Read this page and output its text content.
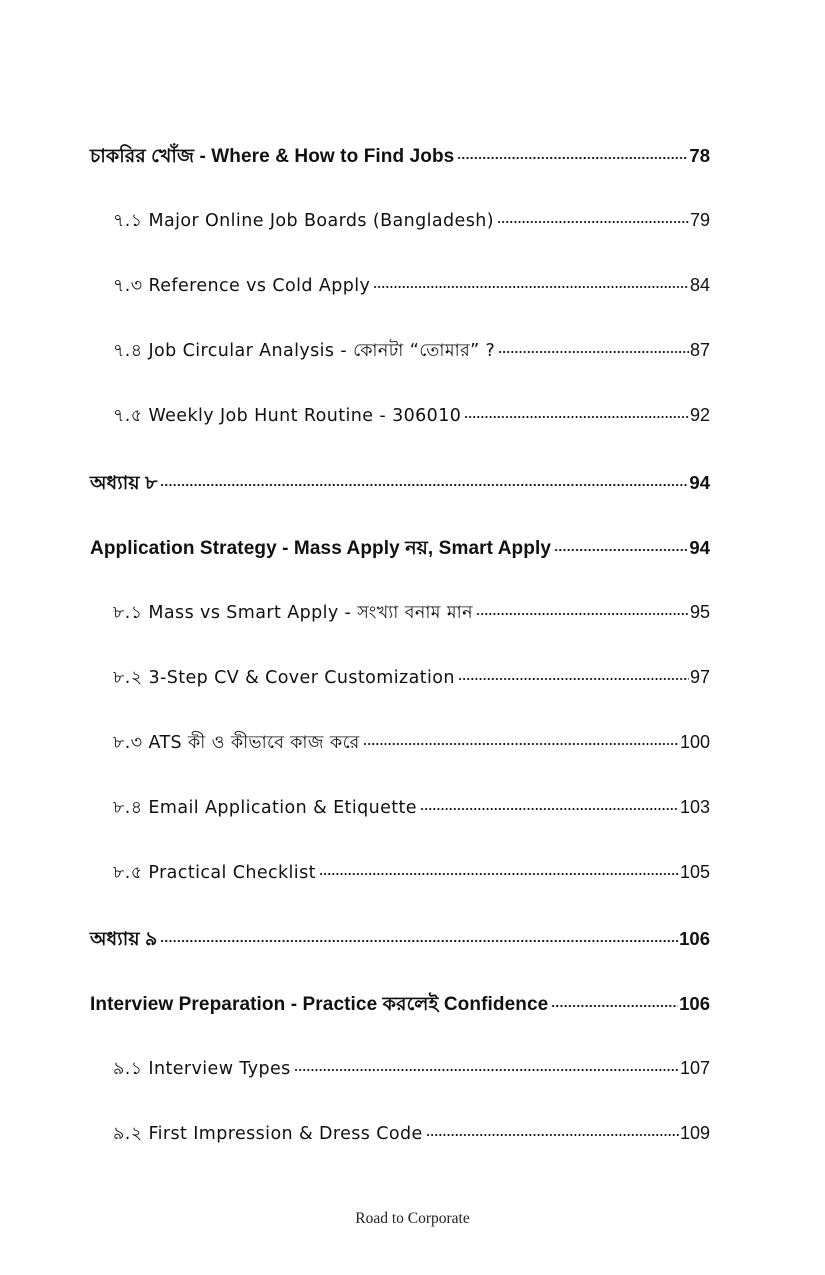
চাকরির খোঁজ - Where & How to Find Jobs	78
৭.১ Major Online Job Boards (Bangladesh)	79
৭.৩ Reference vs Cold Apply	84
৭.৪ Job Circular Analysis - কোনটা “তোমার” ?	87
৭.৫ Weekly Job Hunt Routine - 306010	92
অধ্যায় ৮	94
Application Strategy - Mass Apply নয়, Smart Apply	94
৮.১ Mass vs Smart Apply - সংখ্যা বনাম মান	95
৮.২ 3-Step CV & Cover Customization	97
৮.৩ ATS কী ও কীভাবে কাজ করে	100
৮.৪ Email Application & Etiquette	103
৮.৫ Practical Checklist	105
অধ্যায় ৯	106
Interview Preparation - Practice করলেই Confidence	106
৯.১ Interview Types	107
৯.২ First Impression & Dress Code	109
Road to Corporate
